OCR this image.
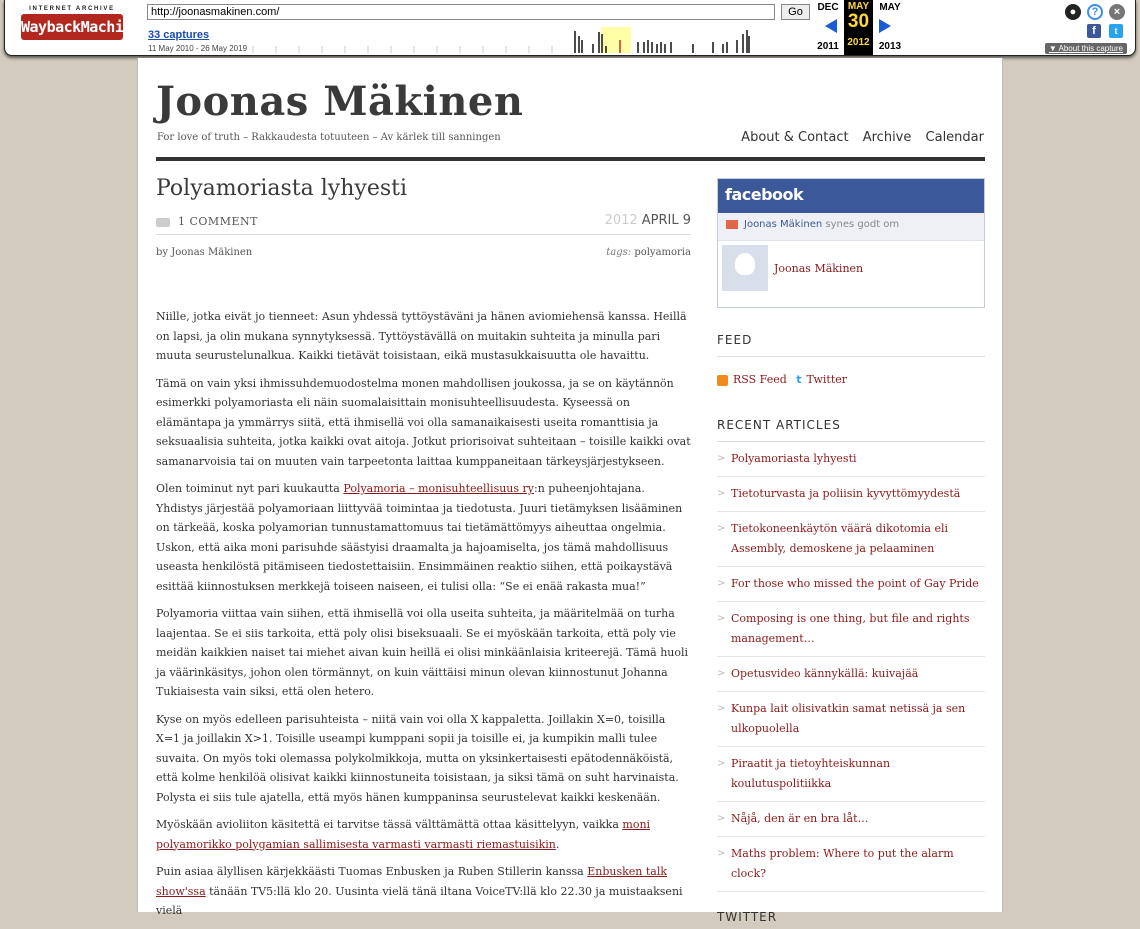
INTERNET ARCHIVE
WaybackMachine
http://joonasmakinen.com/	Go
33 captures
11 May 2010 - 26 May 2019
DEC
2011
MAY
30
2012
MAY
2013
●	?	×
f	t
▼ About this capture
Joonas Mäkinen
For love of truth – Rakkaudesta totuuteen – Av kärlek till sanningen	About & Contact Archive Calendar
Polyamoriasta lyhyesti
1 COMMENT	2012 APRIL 9
by Joonas Mäkinen	tags: polyamoria

Niille, jotka eivät jo tienneet: Asun yhdessä tyttöystäväni ja hänen aviomiehensä kanssa. Heillä on lapsi, ja olin mukana synnytyksessä. Tyttöystävällä on muitakin suhteita ja minulla pari muuta seurustelunalkua. Kaikki tietävät toisistaan, eikä mustasukkaisuutta ole havaittu.

Tämä on vain yksi ihmissuhdemuodostelma monen mahdollisen joukossa, ja se on käytännön esimerkki polyamoriasta eli näin suomalaisittain monisuhteellisuudesta. Kyseessä on elämäntapa ja ymmärrys siitä, että ihmisellä voi olla samanaikaisesti useita romanttisia ja seksuaalisia suhteita, jotka kaikki ovat aitoja. Jotkut priorisoivat suhteitaan – toisille kaikki ovat samanarvoisia tai on muuten vain tarpeetonta laittaa kumppaneitaan tärkeysjärjestykseen.

Olen toiminut nyt pari kuukautta Polyamoria – monisuhteellisuus ry:n puheenjohtajana. Yhdistys järjestää polyamoriaan liittyvää toimintaa ja tiedotusta. Juuri tietämyksen lisääminen on tärkeää, koska polyamorian tunnustamattomuus tai tietämättömyys aiheuttaa ongelmia. Uskon, että aika moni parisuhde säästyisi draamalta ja hajoamiselta, jos tämä mahdollisuus useasta henkilöstä pitämiseen tiedostettaisiin. Ensimmäinen reaktio siihen, että poikaystävä esittää kiinnostuksen merkkejä toiseen naiseen, ei tulisi olla: “Se ei enää rakasta mua!”

Polyamoria viittaa vain siihen, että ihmisellä voi olla useita suhteita, ja määritelmää on turha laajentaa. Se ei siis tarkoita, että poly olisi biseksuaali. Se ei myöskään tarkoita, että poly vie meidän kaikkien naiset tai miehet aivan kuin heillä ei olisi minkäänlaisia kriteerejä. Tämä huoli ja väärinkäsitys, johon olen törmännyt, on kuin väittäisi minun olevan kiinnostunut Johanna Tukiaisesta vain siksi, että olen hetero.

Kyse on myös edelleen parisuhteista – niitä vain voi olla X kappaletta. Joillakin X=0, toisilla X=1 ja joillakin X>1. Toisille useampi kumppani sopii ja toisille ei, ja kumpikin malli tulee suvaita. On myös toki olemassa polykolmikkoja, mutta on yksinkertaisesti epätodennäköistä, että kolme henkilöä olisivat kaikki kiinnostuneita toisistaan, ja siksi tämä on suht harvinaista. Polysta ei siis tule ajatella, että myös hänen kumppaninsa seurustelevat kaikki keskenään.

Myöskään avioliiton käsitettä ei tarvitse tässä välttämättä ottaa käsittelyyn, vaikka moni polyamorikko polygamian sallimisesta varmasti varmasti riemastuisikin.

Puin asiaa älyllisen kärjekkäästi Tuomas Enbusken ja Ruben Stillerin kanssa Enbusken talk show'ssa tänään TV5:llä klo 20. Uusinta vielä tänä iltana VoiceTV:llä klo 22.30 ja muistaakseni vielä

facebook
Joonas Mäkinen synes godt om
Joonas Mäkinen
FEED
RSS Feed t Twitter
RECENT ARTICLES
> Polyamoriasta lyhyesti
> Tietoturvasta ja poliisin kyvyttömyydestä
> Tietokoneenkäytön väärä dikotomia eli Assembly, demoskene ja pelaaminen
> For those who missed the point of Gay Pride
> Composing is one thing, but file and rights management…
> Opetusvideo kännykällä: kuivajää
> Kunpa lait olisivatkin samat netissä ja sen ulkopuolella
> Piraatit ja tietoyhteiskunnan koulutuspolitiikka
> Nåjå, den är en bra låt…
> Maths problem: Where to put the alarm clock?
TWITTER
